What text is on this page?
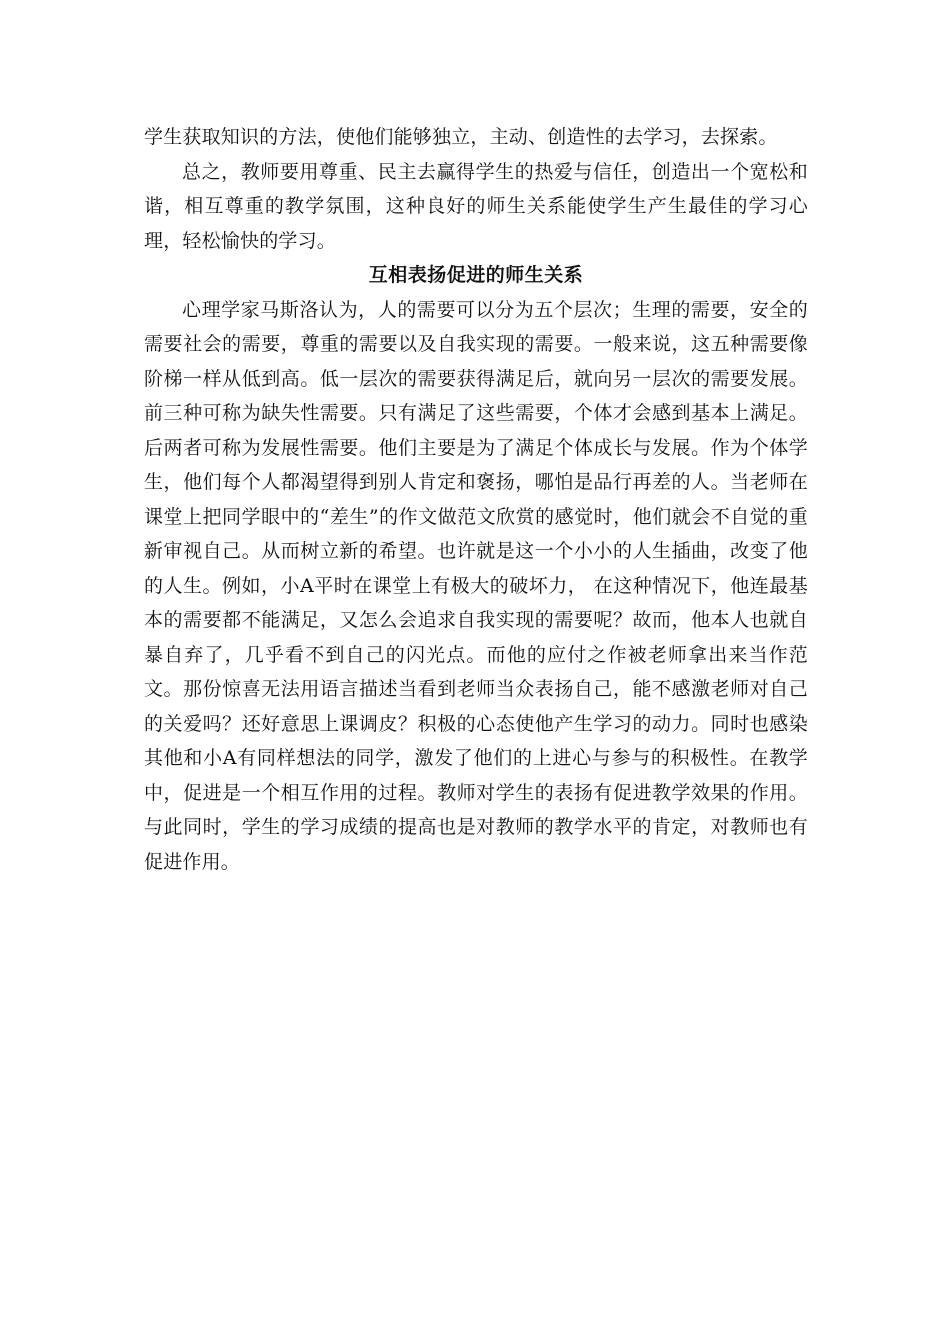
学生获取知识的方法，使他们能够独立，主动、创造性的去学习，去探索。

总之，教师要用尊重、民主去赢得学生的热爱与信任，创造出一个宽松和谐，相互尊重的教学氛围，这种良好的师生关系能使学生产生最佳的学习心理，轻松愉快的学习。

互相表扬促进的师生关系

心理学家马斯洛认为，人的需要可以分为五个层次；生理的需要，安全的需要社会的需要，尊重的需要以及自我实现的需要。一般来说，这五种需要像阶梯一样从低到高。低一层次的需要获得满足后，就向另一层次的需要发展。前三种可称为缺失性需要。只有满足了这些需要，个体才会感到基本上满足。后两者可称为发展性需要。他们主要是为了满足个体成长与发展。作为个体学生，他们每个人都渴望得到别人肯定和褒扬，哪怕是品行再差的人。当老师在课堂上把同学眼中的“差生”的作文做范文欣赏的感觉时，他们就会不自觉的重新审视自己。从而树立新的希望。也许就是这一个小小的人生插曲，改变了他的人生。例如，小A平时在课堂上有极大的破坏力， 在这种情况下，他连最基本的需要都不能满足，又怎么会追求自我实现的需要呢？故而，他本人也就自暴自弃了，几乎看不到自己的闪光点。而他的应付之作被老师拿出来当作范文。那份惊喜无法用语言描述当看到老师当众表扬自己，能不感激老师对自己的关爱吗？还好意思上课调皮？积极的心态使他产生学习的动力。同时也感染其他和小A有同样想法的同学，激发了他们的上进心与参与的积极性。在教学中，促进是一个相互作用的过程。教师对学生的表扬有促进教学效果的作用。与此同时，学生的学习成绩的提高也是对教师的教学水平的肯定，对教师也有促进作用。
